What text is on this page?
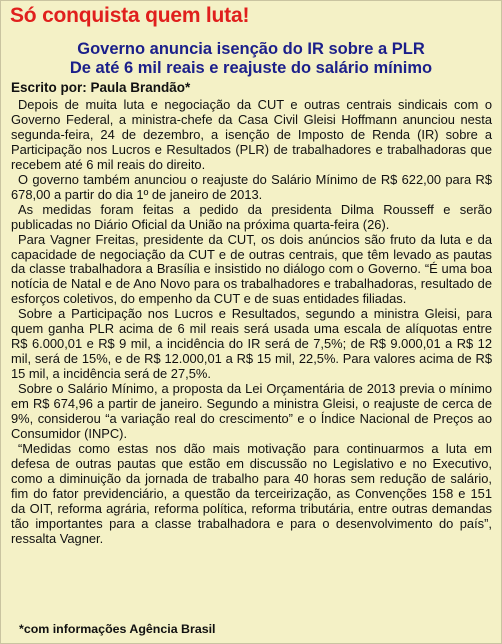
Só conquista quem luta!
Governo anuncia isenção do IR sobre a PLR
De até 6 mil reais e reajuste do salário mínimo
Escrito por: Paula Brandão*

Depois de muita luta e negociação da CUT e outras centrais sindicais com o Governo Federal, a ministra-chefe da Casa Civil Gleisi Hoffmann anunciou nesta segunda-feira, 24 de dezembro, a isenção de Imposto de Renda (IR) sobre a Participação nos Lucros e Resultados (PLR) de trabalhadores e trabalhadoras que recebem até 6 mil reais do direito.

O governo também anunciou o reajuste do Salário Mínimo de R$ 622,00 para R$ 678,00 a partir do dia 1º de janeiro de 2013.

As medidas foram feitas a pedido da presidenta Dilma Rousseff e serão publicadas no Diário Oficial da União na próxima quarta-feira (26).

Para Vagner Freitas, presidente da CUT, os dois anúncios são fruto da luta e da capacidade de negociação da CUT e de outras centrais, que têm levado as pautas da classe trabalhadora a Brasília e insistido no diálogo com o Governo. “É uma boa notícia de Natal e de Ano Novo para os trabalhadores e trabalhadoras, resultado de esforços coletivos, do empenho da CUT e de suas entidades filiadas.

Sobre a Participação nos Lucros e Resultados, segundo a ministra Gleisi, para quem ganha PLR acima de 6 mil reais será usada uma escala de alíquotas entre R$ 6.000,01 e R$ 9 mil, a incidência do IR será de 7,5%; de R$ 9.000,01 a R$ 12 mil, será de 15%, e de R$ 12.000,01 a R$ 15 mil, 22,5%. Para valores acima de R$ 15 mil, a incidência será de 27,5%.

Sobre o Salário Mínimo, a proposta da Lei Orçamentária de 2013 previa o mínimo em R$ 674,96 a partir de janeiro. Segundo a ministra Gleisi, o reajuste de cerca de 9%, considerou “a variação real do crescimento” e o Índice Nacional de Preços ao Consumidor (INPC).

“Medidas como estas nos dão mais motivação para continuarmos a luta em defesa de outras pautas que estão em discussão no Legislativo e no Executivo, como a diminuição da jornada de trabalho para 40 horas sem redução de salário, fim do fator previdenciário, a questão da terceirização, as Convenções 158 e 151 da OIT, reforma agrária, reforma política, reforma tributária, entre outras demandas tão importantes para a classe trabalhadora e para o desenvolvimento do país”, ressalta Vagner.

*com informações Agência Brasil
